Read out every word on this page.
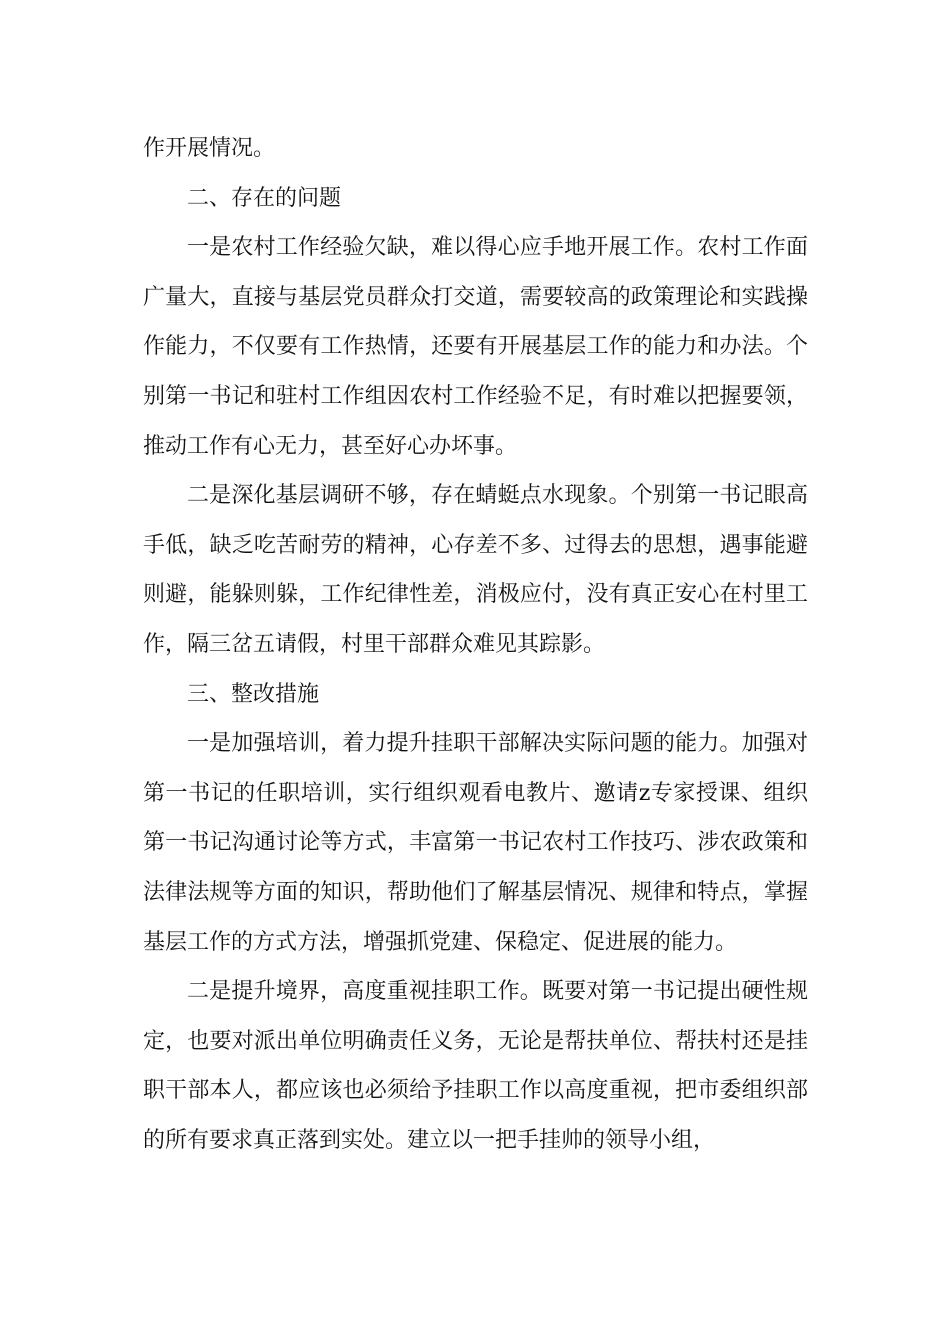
作开展情况。

二、存在的问题

一是农村工作经验欠缺，难以得心应手地开展工作。农村工作面广量大，直接与基层党员群众打交道，需要较高的政策理论和实践操作能力，不仅要有工作热情，还要有开展基层工作的能力和办法。个别第一书记和驻村工作组因农村工作经验不足，有时难以把握要领，推动工作有心无力，甚至好心办坏事。

二是深化基层调研不够，存在蜻蜓点水现象。个别第一书记眼高手低，缺乏吃苦耐劳的精神，心存差不多、过得去的思想，遇事能避则避，能躲则躲，工作纪律性差，消极应付，没有真正安心在村里工作，隔三岔五请假，村里干部群众难见其踪影。

三、整改措施

一是加强培训，着力提升挂职干部解决实际问题的能力。加强对第一书记的任职培训，实行组织观看电教片、邀请z专家授课、组织第一书记沟通讨论等方式，丰富第一书记农村工作技巧、涉农政策和法律法规等方面的知识，帮助他们了解基层情况、规律和特点，掌握基层工作的方式方法，增强抓党建、保稳定、促进展的能力。

二是提升境界，高度重视挂职工作。既要对第一书记提出硬性规定，也要对派出单位明确责任义务，无论是帮扶单位、帮扶村还是挂职干部本人，都应该也必须给予挂职工作以高度重视，把市委组织部的所有要求真正落到实处。建立以一把手挂帅的领导小组，
